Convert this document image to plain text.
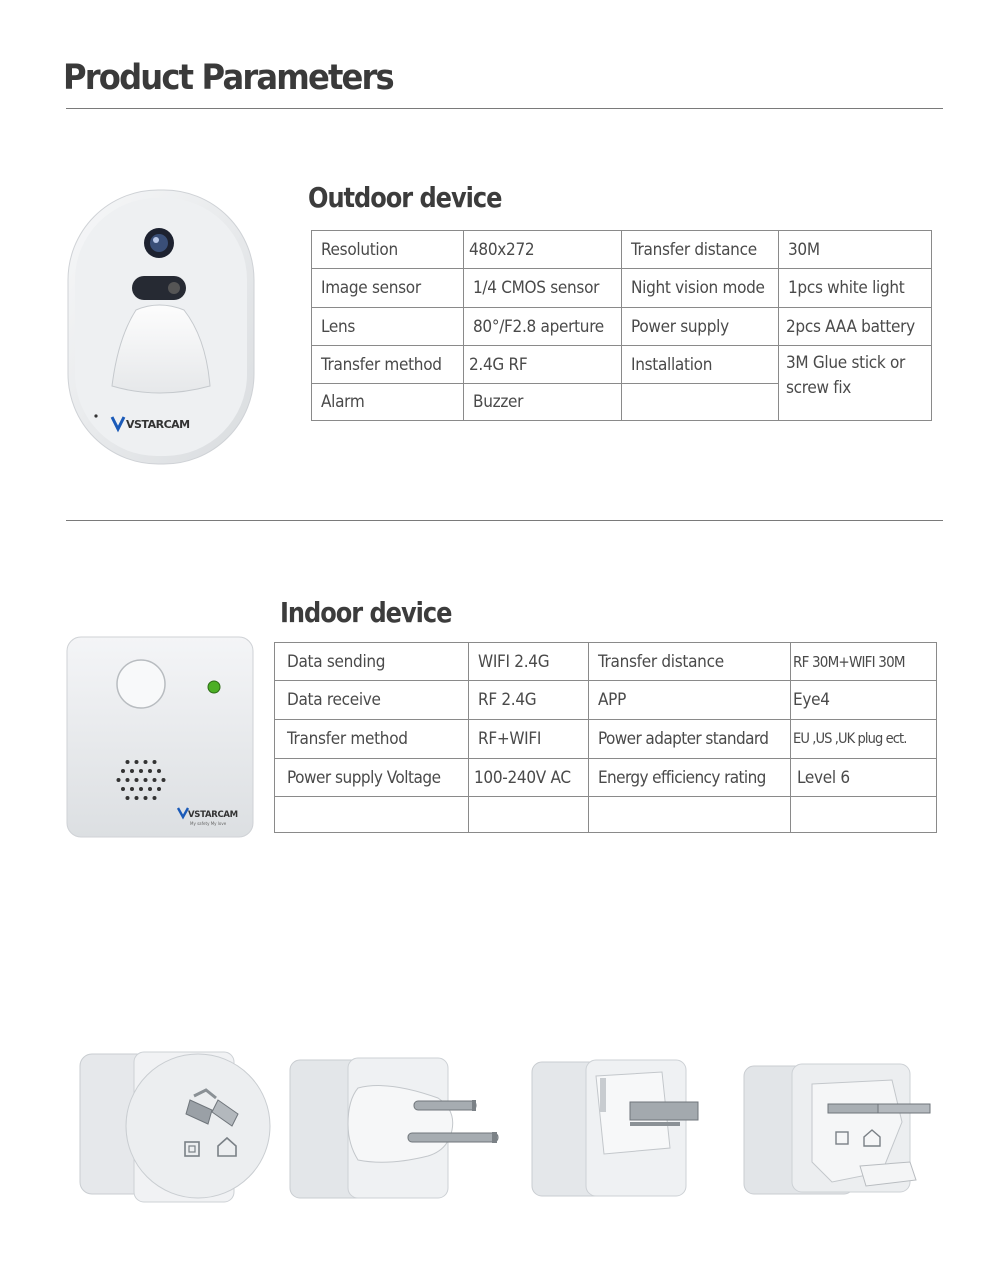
Product Parameters
VSTARCAM
Outdoor device
Resolution	480x272	Transfer distance	30M
Image sensor	1/4 CMOS sensor	Night vision mode	1pcs white light
Lens	80°/F2.8 aperture	Power supply	2pcs AAA battery
Transfer method	2.4G RF	Installation	3M Glue stick or screw fix
Alarm	Buzzer		
VSTARCAM
My safety My love
Indoor device
Data sending	WIFI 2.4G	Transfer distance	RF 30M+WIFI 30M
Data receive	RF 2.4G	APP	Eye4
Transfer method	RF+WIFI	Power adapter standard	EU ,US ,UK plug ect.
Power supply Voltage	100-240V AC	Energy efficiency rating	Level 6
